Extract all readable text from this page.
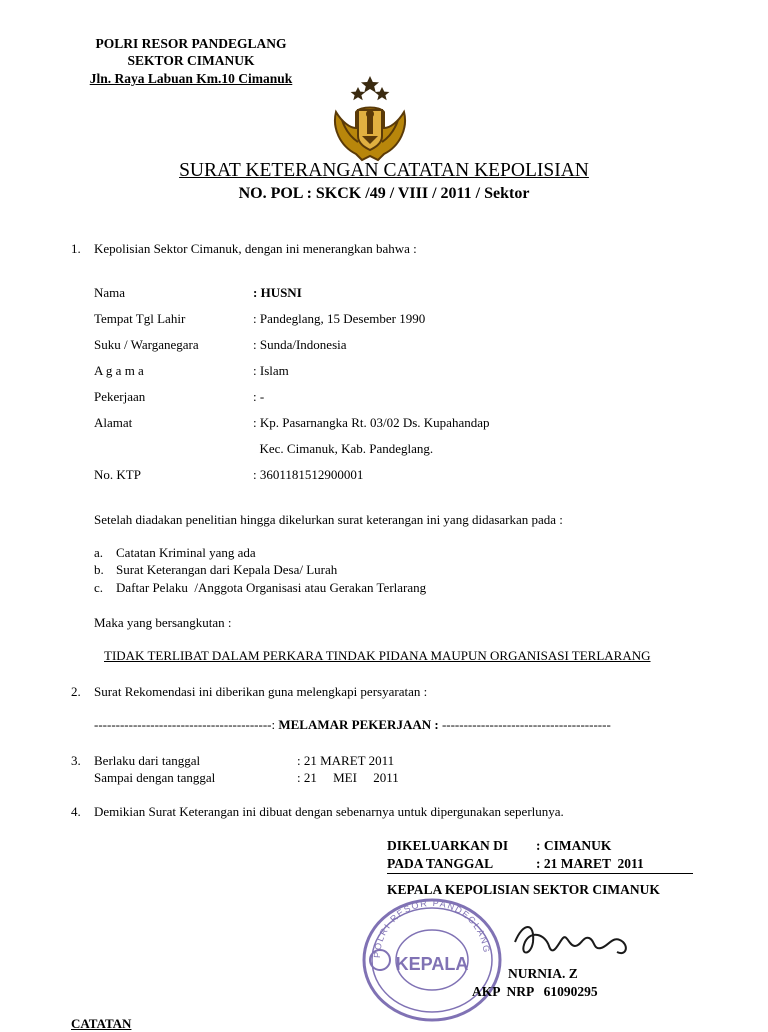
POLRI RESOR PANDEGLANG
SEKTOR CIMANUK
Jln. Raya Labuan Km.10 Cimanuk
SURAT KETERANGAN CATATAN KEPOLISIAN
NO. POL : SKCK /49 / VIII / 2011 / Sektor
1. Kepolisian Sektor Cimanuk, dengan ini menerangkan bahwa :
Nama	: HUSNI
Tempat Tgl Lahir	: Pandeglang, 15 Desember 1990
Suku / Warganegara	: Sunda/Indonesia
A g a m a	: Islam
Pekerjaan	: -
Alamat	: Kp. Pasarnangka Rt. 03/02 Ds. Kupahandap
Kec. Cimanuk, Kab. Pandeglang.
No. KTP	: 3601181512900001
Setelah diadakan penelitian hingga dikelurkan surat keterangan ini yang didasarkan pada :
a. Catatan Kriminal yang ada
b. Surat Keterangan dari Kepala Desa/ Lurah
c. Daftar Pelaku  /Anggota Organisasi atau Gerakan Terlarang
Maka yang bersangkutan :
TIDAK TERLIBAT DALAM PERKARA TINDAK PIDANA MAUPUN ORGANISASI TERLARANG
2. Surat Rekomendasi ini diberikan guna melengkapi persyaratan :
-----------------------------------------: MELAMAR PEKERJAAN : ---------------------------------------
3. Berlaku dari tanggal	: 21 MARET 2011
Sampai dengan tanggal	: 21     MEI     2011
4. Demikian Surat Keterangan ini dibuat dengan sebenarnya untuk dipergunakan seperlunya.
DIKELUARKAN DI : CIMANUK
PADA TANGGAL	: 21 MARET  2011
KEPALA KEPOLISIAN SEKTOR CIMANUK
POLRI RESOR PANDEGLANG
KEPALA	NURNIA. Z
AKP  NRP   61090295
CATATAN
